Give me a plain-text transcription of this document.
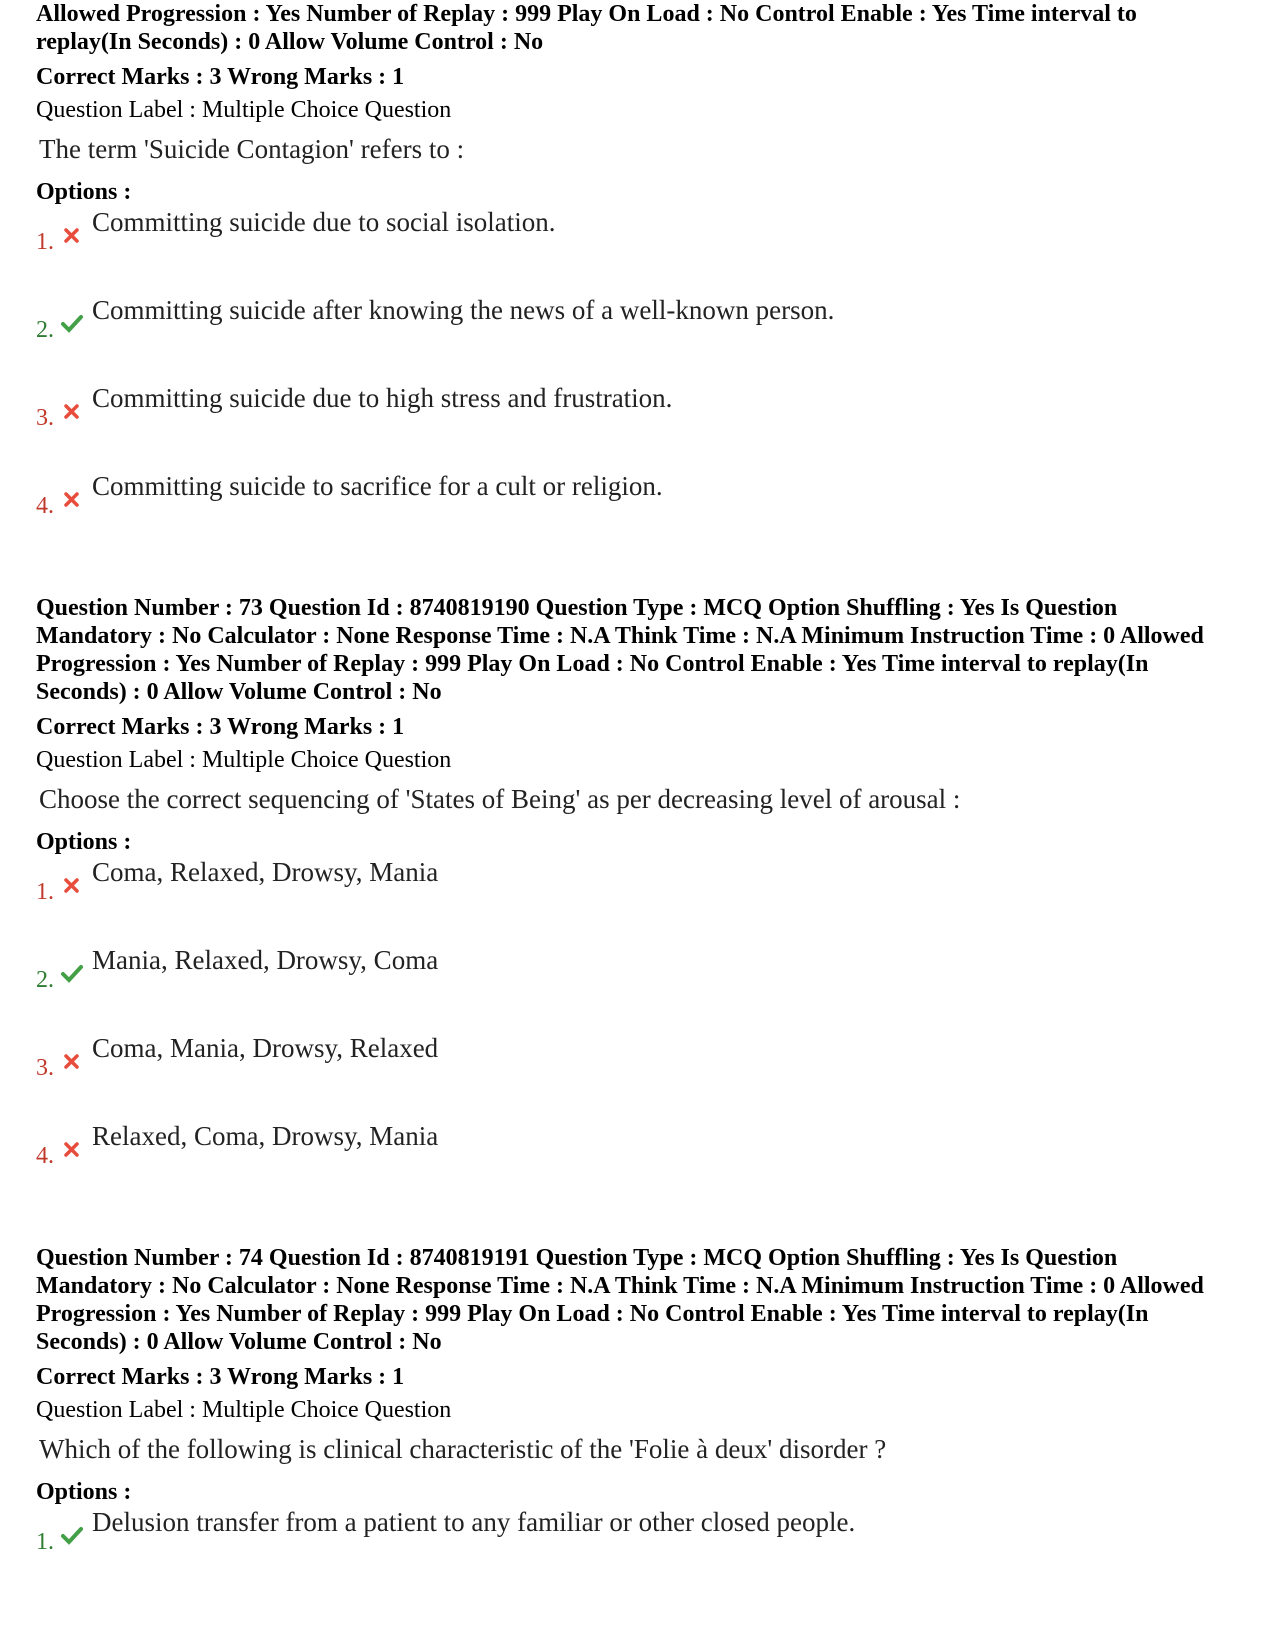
Allowed Progression : Yes Number of Replay : 999 Play On Load : No Control Enable : Yes Time interval to replay(In Seconds) : 0 Allow Volume Control : No

Correct Marks : 3 Wrong Marks : 1
Question Label : Multiple Choice Question
The term 'Suicide Contagion' refers to :
Options :
1.
Committing suicide due to social isolation.
2.
Committing suicide after knowing the news of a well-known person.
3.
Committing suicide due to high stress and frustration.
4.
Committing suicide to sacrifice for a cult or religion.

Question Number : 73 Question Id : 8740819190 Question Type : MCQ Option Shuffling : Yes Is Question Mandatory : No Calculator : None Response Time : N.A Think Time : N.A Minimum Instruction Time : 0 Allowed Progression : Yes Number of Replay : 999 Play On Load : No Control Enable : Yes Time interval to replay(In Seconds) : 0 Allow Volume Control : No

Correct Marks : 3 Wrong Marks : 1
Question Label : Multiple Choice Question
Choose the correct sequencing of 'States of Being' as per decreasing level of arousal :
Options :
1.
Coma, Relaxed, Drowsy, Mania
2.
Mania, Relaxed, Drowsy, Coma
3.
Coma, Mania, Drowsy, Relaxed
4.
Relaxed, Coma, Drowsy, Mania

Question Number : 74 Question Id : 8740819191 Question Type : MCQ Option Shuffling : Yes Is Question Mandatory : No Calculator : None Response Time : N.A Think Time : N.A Minimum Instruction Time : 0 Allowed Progression : Yes Number of Replay : 999 Play On Load : No Control Enable : Yes Time interval to replay(In Seconds) : 0 Allow Volume Control : No

Correct Marks : 3 Wrong Marks : 1
Question Label : Multiple Choice Question
Which of the following is clinical characteristic of the 'Folie à deux' disorder ?
Options :
1.
Delusion transfer from a patient to any familiar or other closed people.
